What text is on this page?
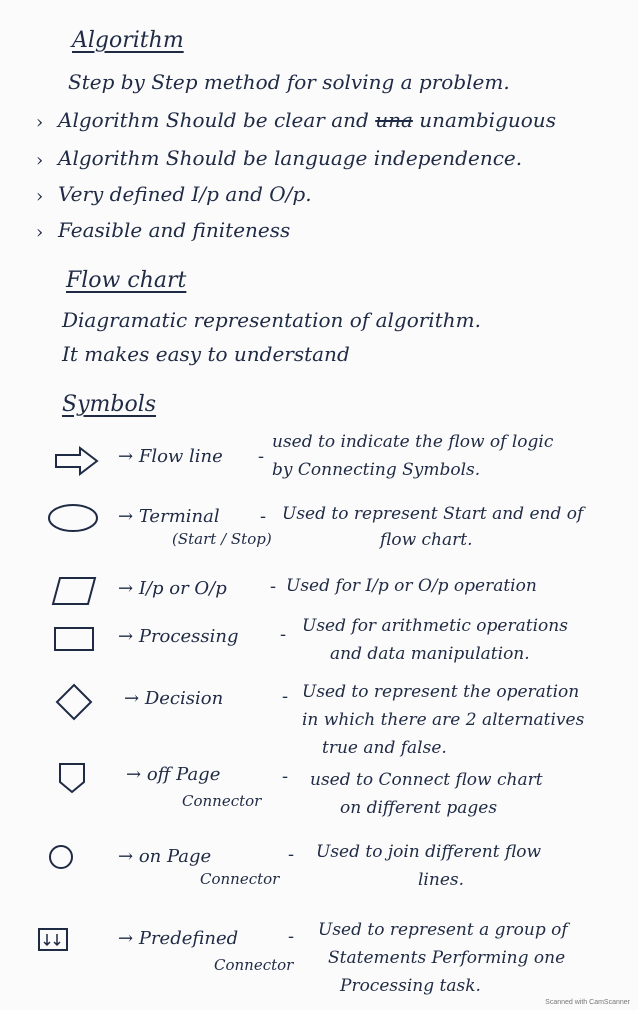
Algorithm
Step by Step method for solving a problem.
› Algorithm Should be clear and una unambiguous
› Algorithm Should be language independence.
› Very defined I/p and O/p.
› Feasible and finiteness
Flow chart
Diagramatic representation of algorithm.
It makes easy to understand
Symbols
→ Flow line -
used to indicate the flow of logic
by Connecting Symbols.
→ Terminal
(Start / Stop)
- Used to represent Start and end of
flow chart.
→ I/p or O/p - Used for I/p or O/p operation
→ Processing - Used for arithmetic operations
and data manipulation.
→ Decision	- Used to represent the operation
in which there are 2 alternatives
true and false.
→ off Page
Connector
- used to Connect flow chart
on different pages
→ on Page
Connector
- Used to join different flow
lines.
→ Predefined
Connector
- Used to represent a group of
Statements Performing one
Processing task.
Scanned with CamScanner
